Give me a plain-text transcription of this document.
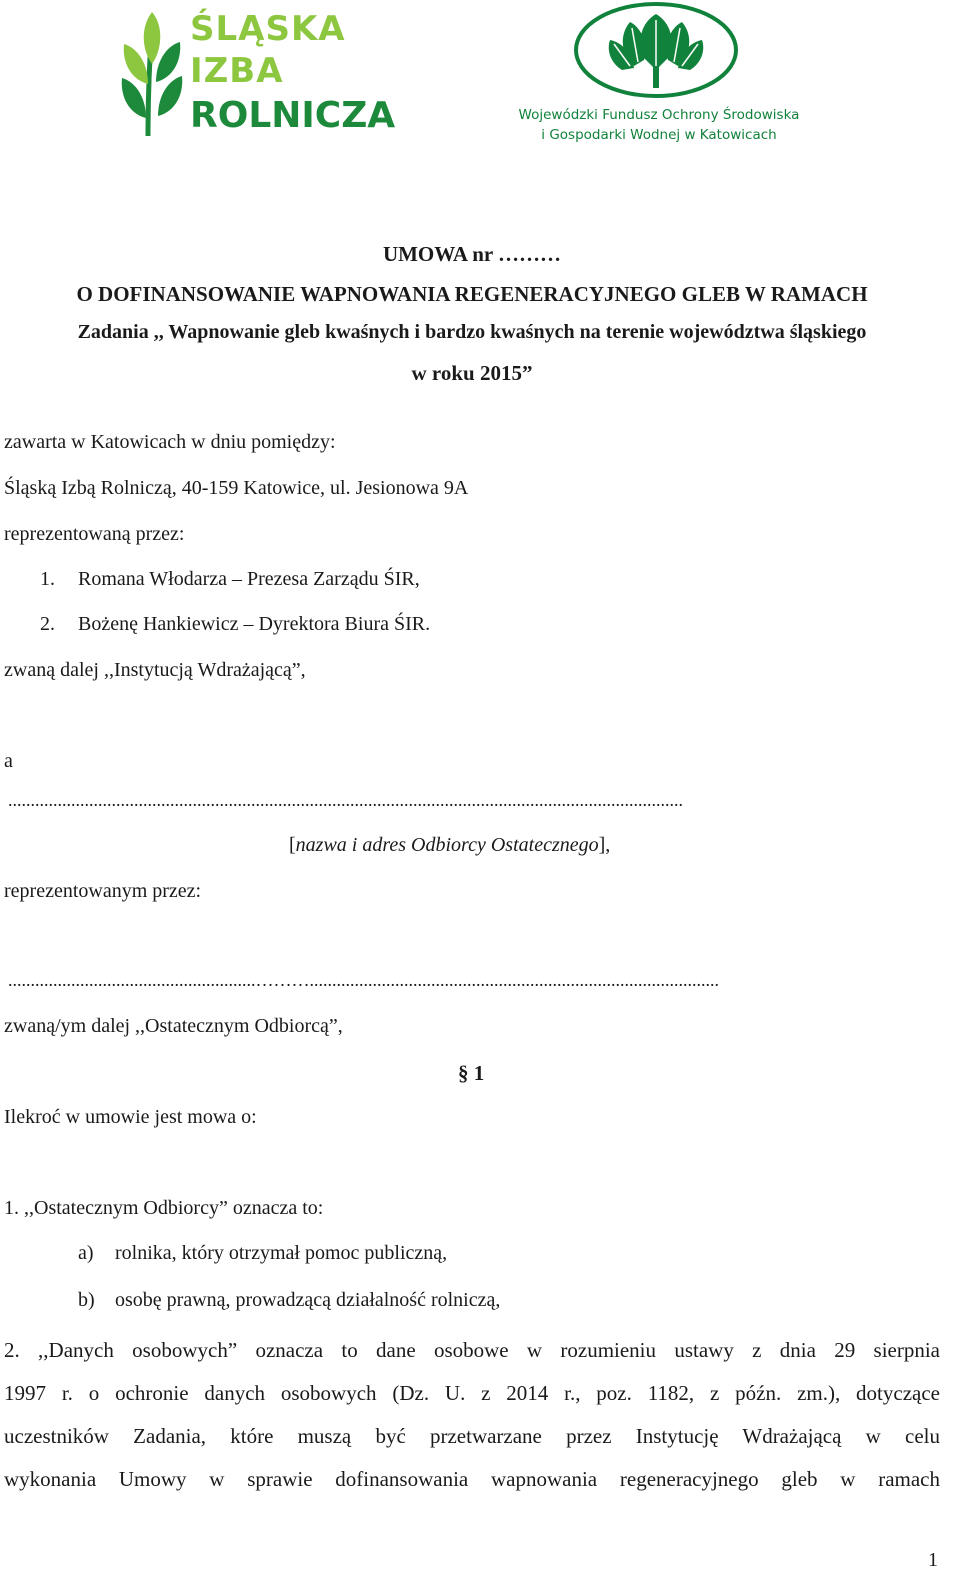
ŚLĄSKA
IZBA
ROLNICZA	Wojewódzki Fundusz Ochrony Środowiska
i Gospodarki Wodnej w Katowicach
UMOWA nr ………
O DOFINANSOWANIE WAPNOWANIA REGENERACYJNEGO GLEB W RAMACH
Zadania ,, Wapnowanie gleb kwaśnych i bardzo kwaśnych na terenie województwa śląskiego
w roku 2015”
zawarta w Katowicach w dniu pomiędzy:
Śląską Izbą Rolniczą, 40-159 Katowice, ul. Jesionowa 9A
reprezentowaną przez:
1. Romana Włodarza – Prezesa Zarządu ŚIR,
2. Bożenę Hankiewicz – Dyrektora Biura ŚIR.
zwaną dalej ,,Instytucją Wdrażającą”,
a
......................................................................................................................................................
[nazwa i adres Odbiorcy Ostatecznego],
reprezentowanym przez:
.......................................................………...........................................................................................
zwaną/ym dalej ,,Ostatecznym Odbiorcą”,
§ 1
Ilekroć w umowie jest mowa o:
1. ,,Ostatecznym Odbiorcy” oznacza to:
a) rolnika, który otrzymał pomoc publiczną,
b) osobę prawną, prowadzącą działalność rolniczą,
2. ,,Danych osobowych” oznacza to dane osobowe w rozumieniu ustawy z dnia 29 sierpnia
1997 r. o ochronie danych osobowych (Dz. U. z 2014 r., poz. 1182, z późn. zm.), dotyczące
uczestników Zadania, które muszą być przetwarzane przez Instytucję Wdrażającą w celu
wykonania Umowy w sprawie dofinansowania wapnowania regeneracyjnego gleb w ramach
1
